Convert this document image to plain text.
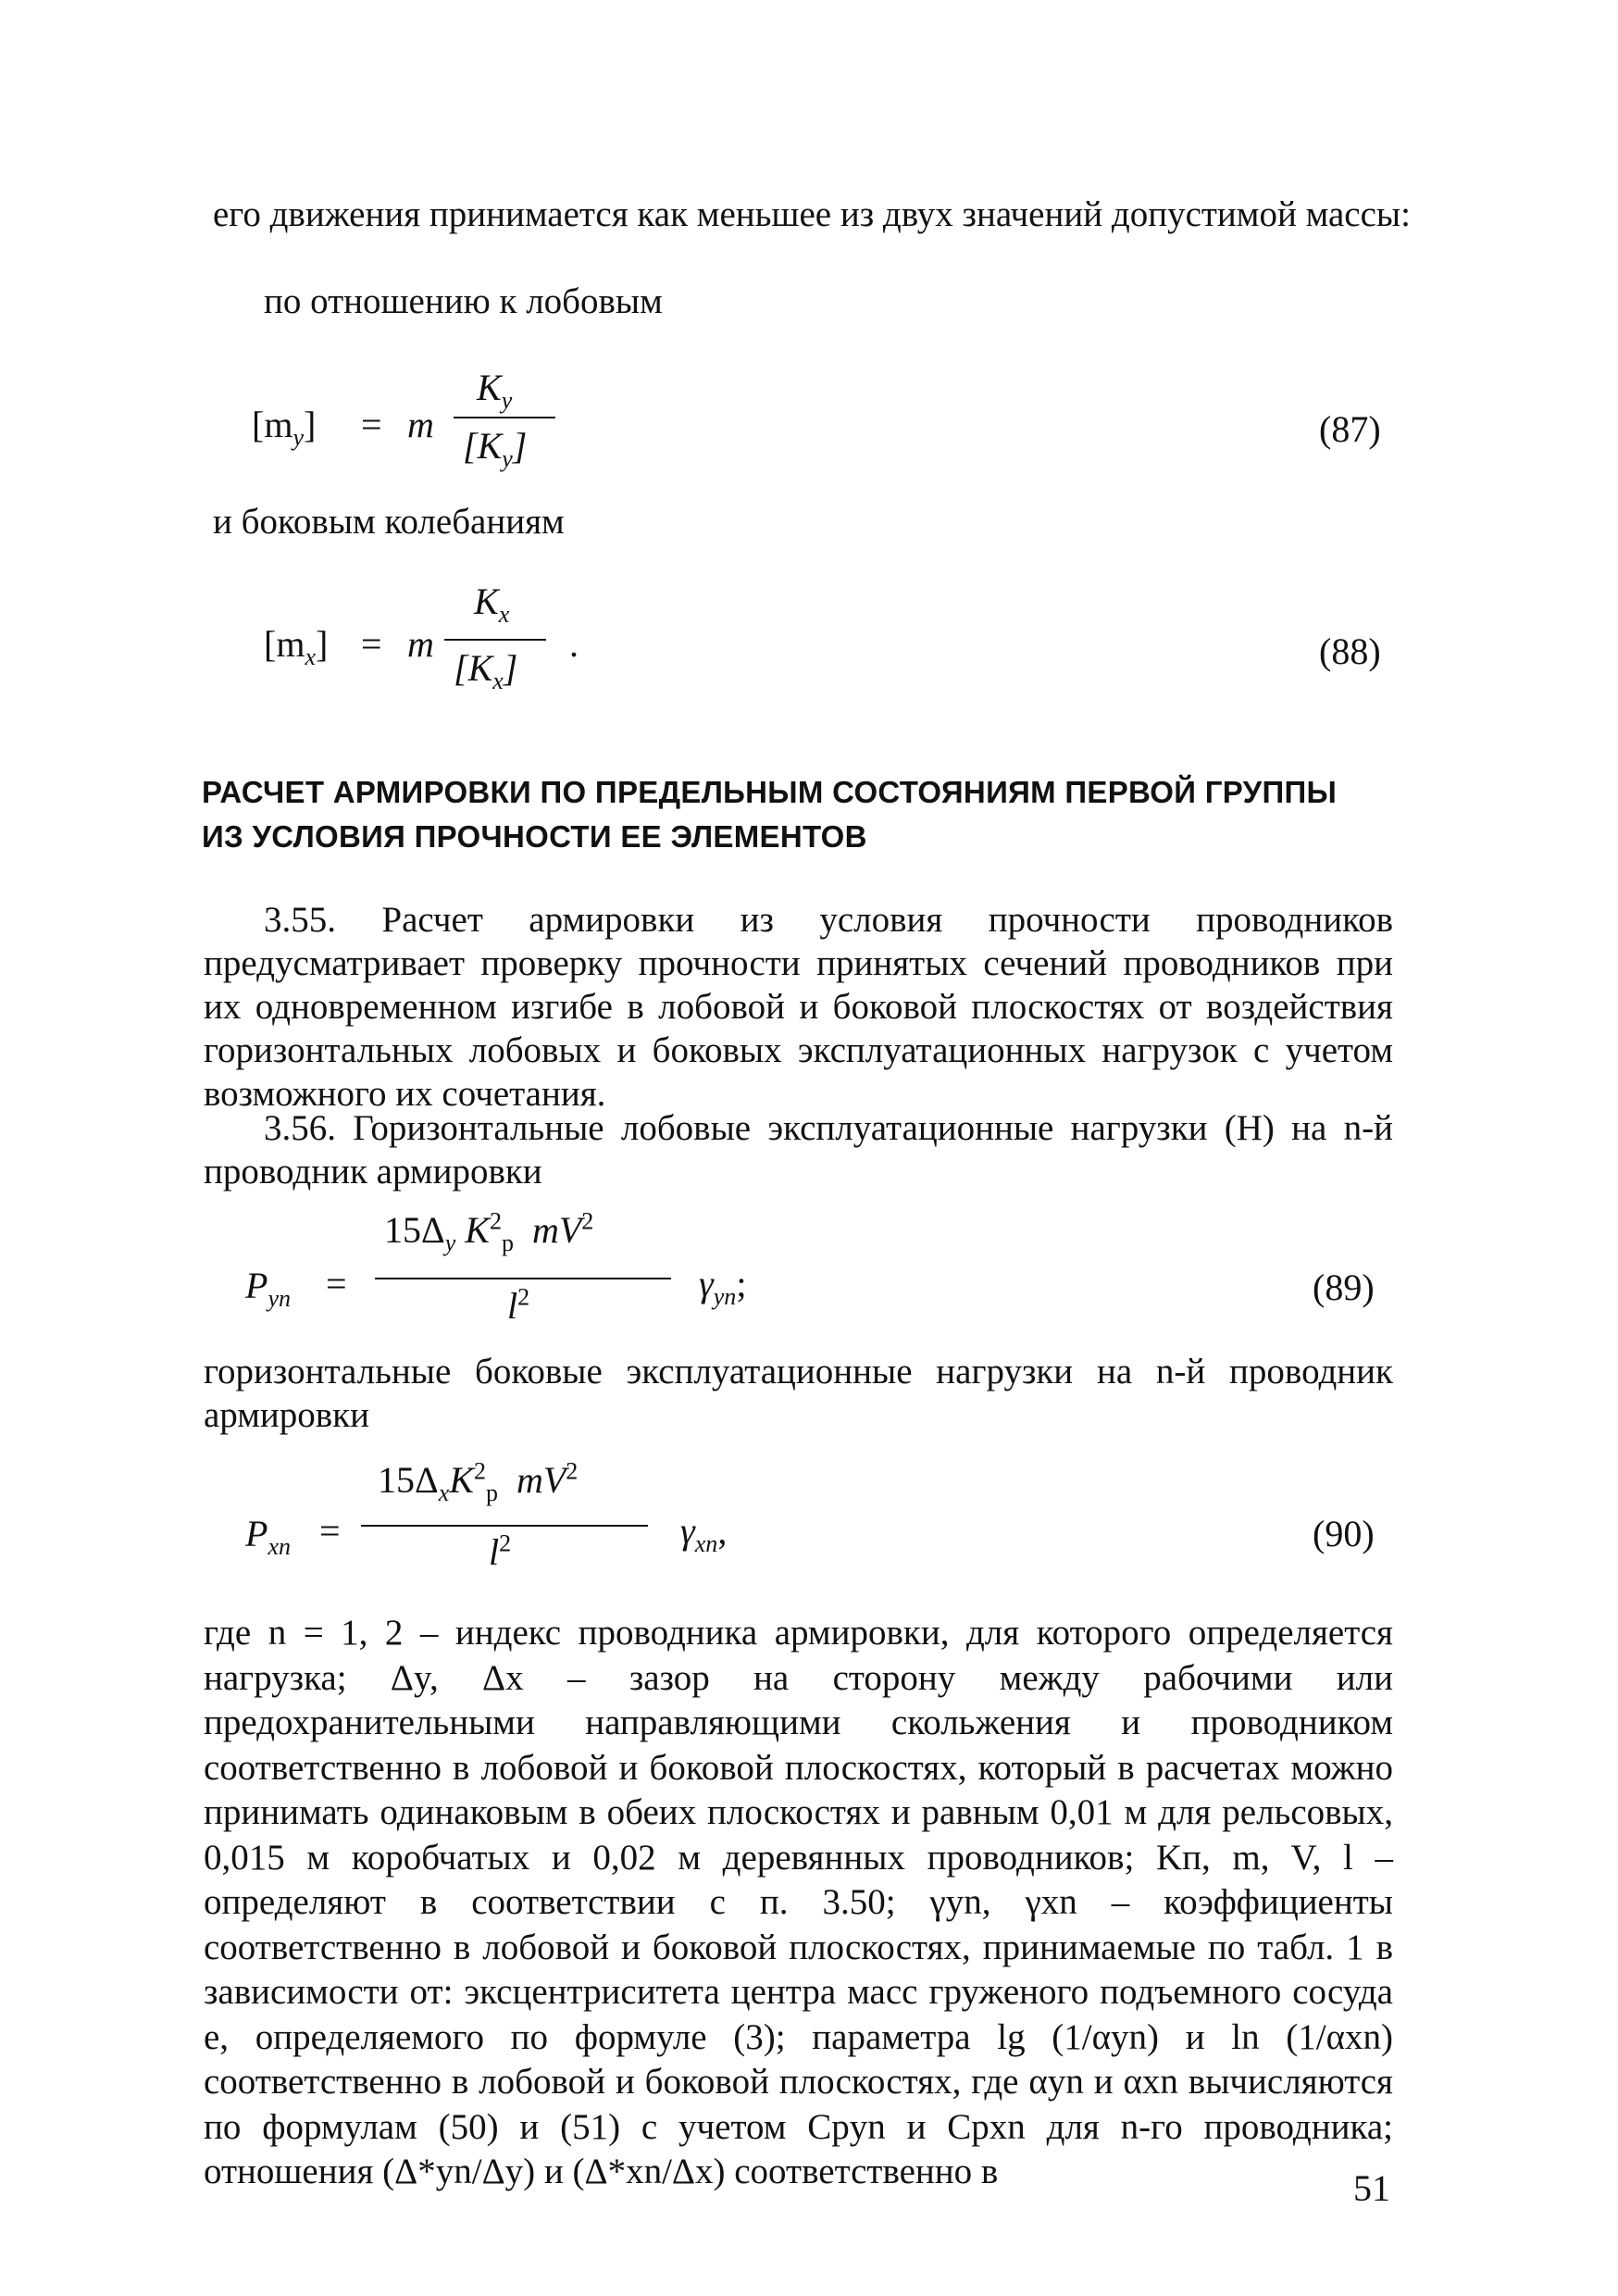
его движения принимается как меньшее из двух значений допустимой массы:
по отношению к лобовым
$[m_y] = m$
$K_y$
$[K_y]$	(87)
и боковым колебаниям
$[m_x] = m$
$K_x$
$[K_x]$
.	(88)
РАСЧЕТ АРМИРОВКИ ПО ПРЕДЕЛЬНЫМ СОСТОЯНИЯМ ПЕРВОЙ ГРУППЫ
ИЗ УСЛОВИЯ ПРОЧНОСТИ ЕЕ ЭЛЕМЕНТОВ
3.55. Расчет армировки из условия прочности проводников предусматривает проверку прочности принятых сечений проводников при их одновременном изгибе в лобовой и боковой плоскостях от воздействия горизонтальных лобовых и боковых эксплуатационных нагрузок с учетом возможного их сочетания.
3.56. Горизонтальные лобовые эксплуатационные нагрузки (Н) на n-й проводник армировки
$P_{yn}$ =
$15\Delta_y$ $K^2_p$ $mV^2$
$l^2$	$\gamma_{yn}$;	(89)
горизонтальные боковые эксплуатационные нагрузки на n-й проводник армировки
$P_{xn}$ =
$15\Delta_xK^2_p$ $mV^2$
$l^2$	$\gamma_{xn}$,	(90)
где n = 1, 2 – индекс проводника армировки, для которого определяется нагрузка; Δy, Δx – зазор на сторону между рабочими или предохранительными направляющими скольжения и проводником соответственно в лобовой и боковой плоскостях, который в расчетах можно принимать одинаковым в обеих плоскостях и равным 0,01 м для рельсовых, 0,015 м коробчатых и 0,02 м деревянных проводников; Kп, m, V, l – определяют в соответствии с п. 3.50; γyn, γxn – коэффициенты соответственно в лобовой и боковой плоскостях, принимаемые по табл. 1 в зависимости от: эксцентриситета центра масс груженого подъемного сосуда e, определяемого по формуле (3); параметра lg (1/αyn) и ln (1/αxn) соответственно в лобовой и боковой плоскостях, где αyn и αxn вычисляются по формулам (50) и (51) с учетом Cpyn и Cpxn для n-го проводника; отношения (Δ*yn/Δy) и (Δ*xn/Δx) соответственно в	51
